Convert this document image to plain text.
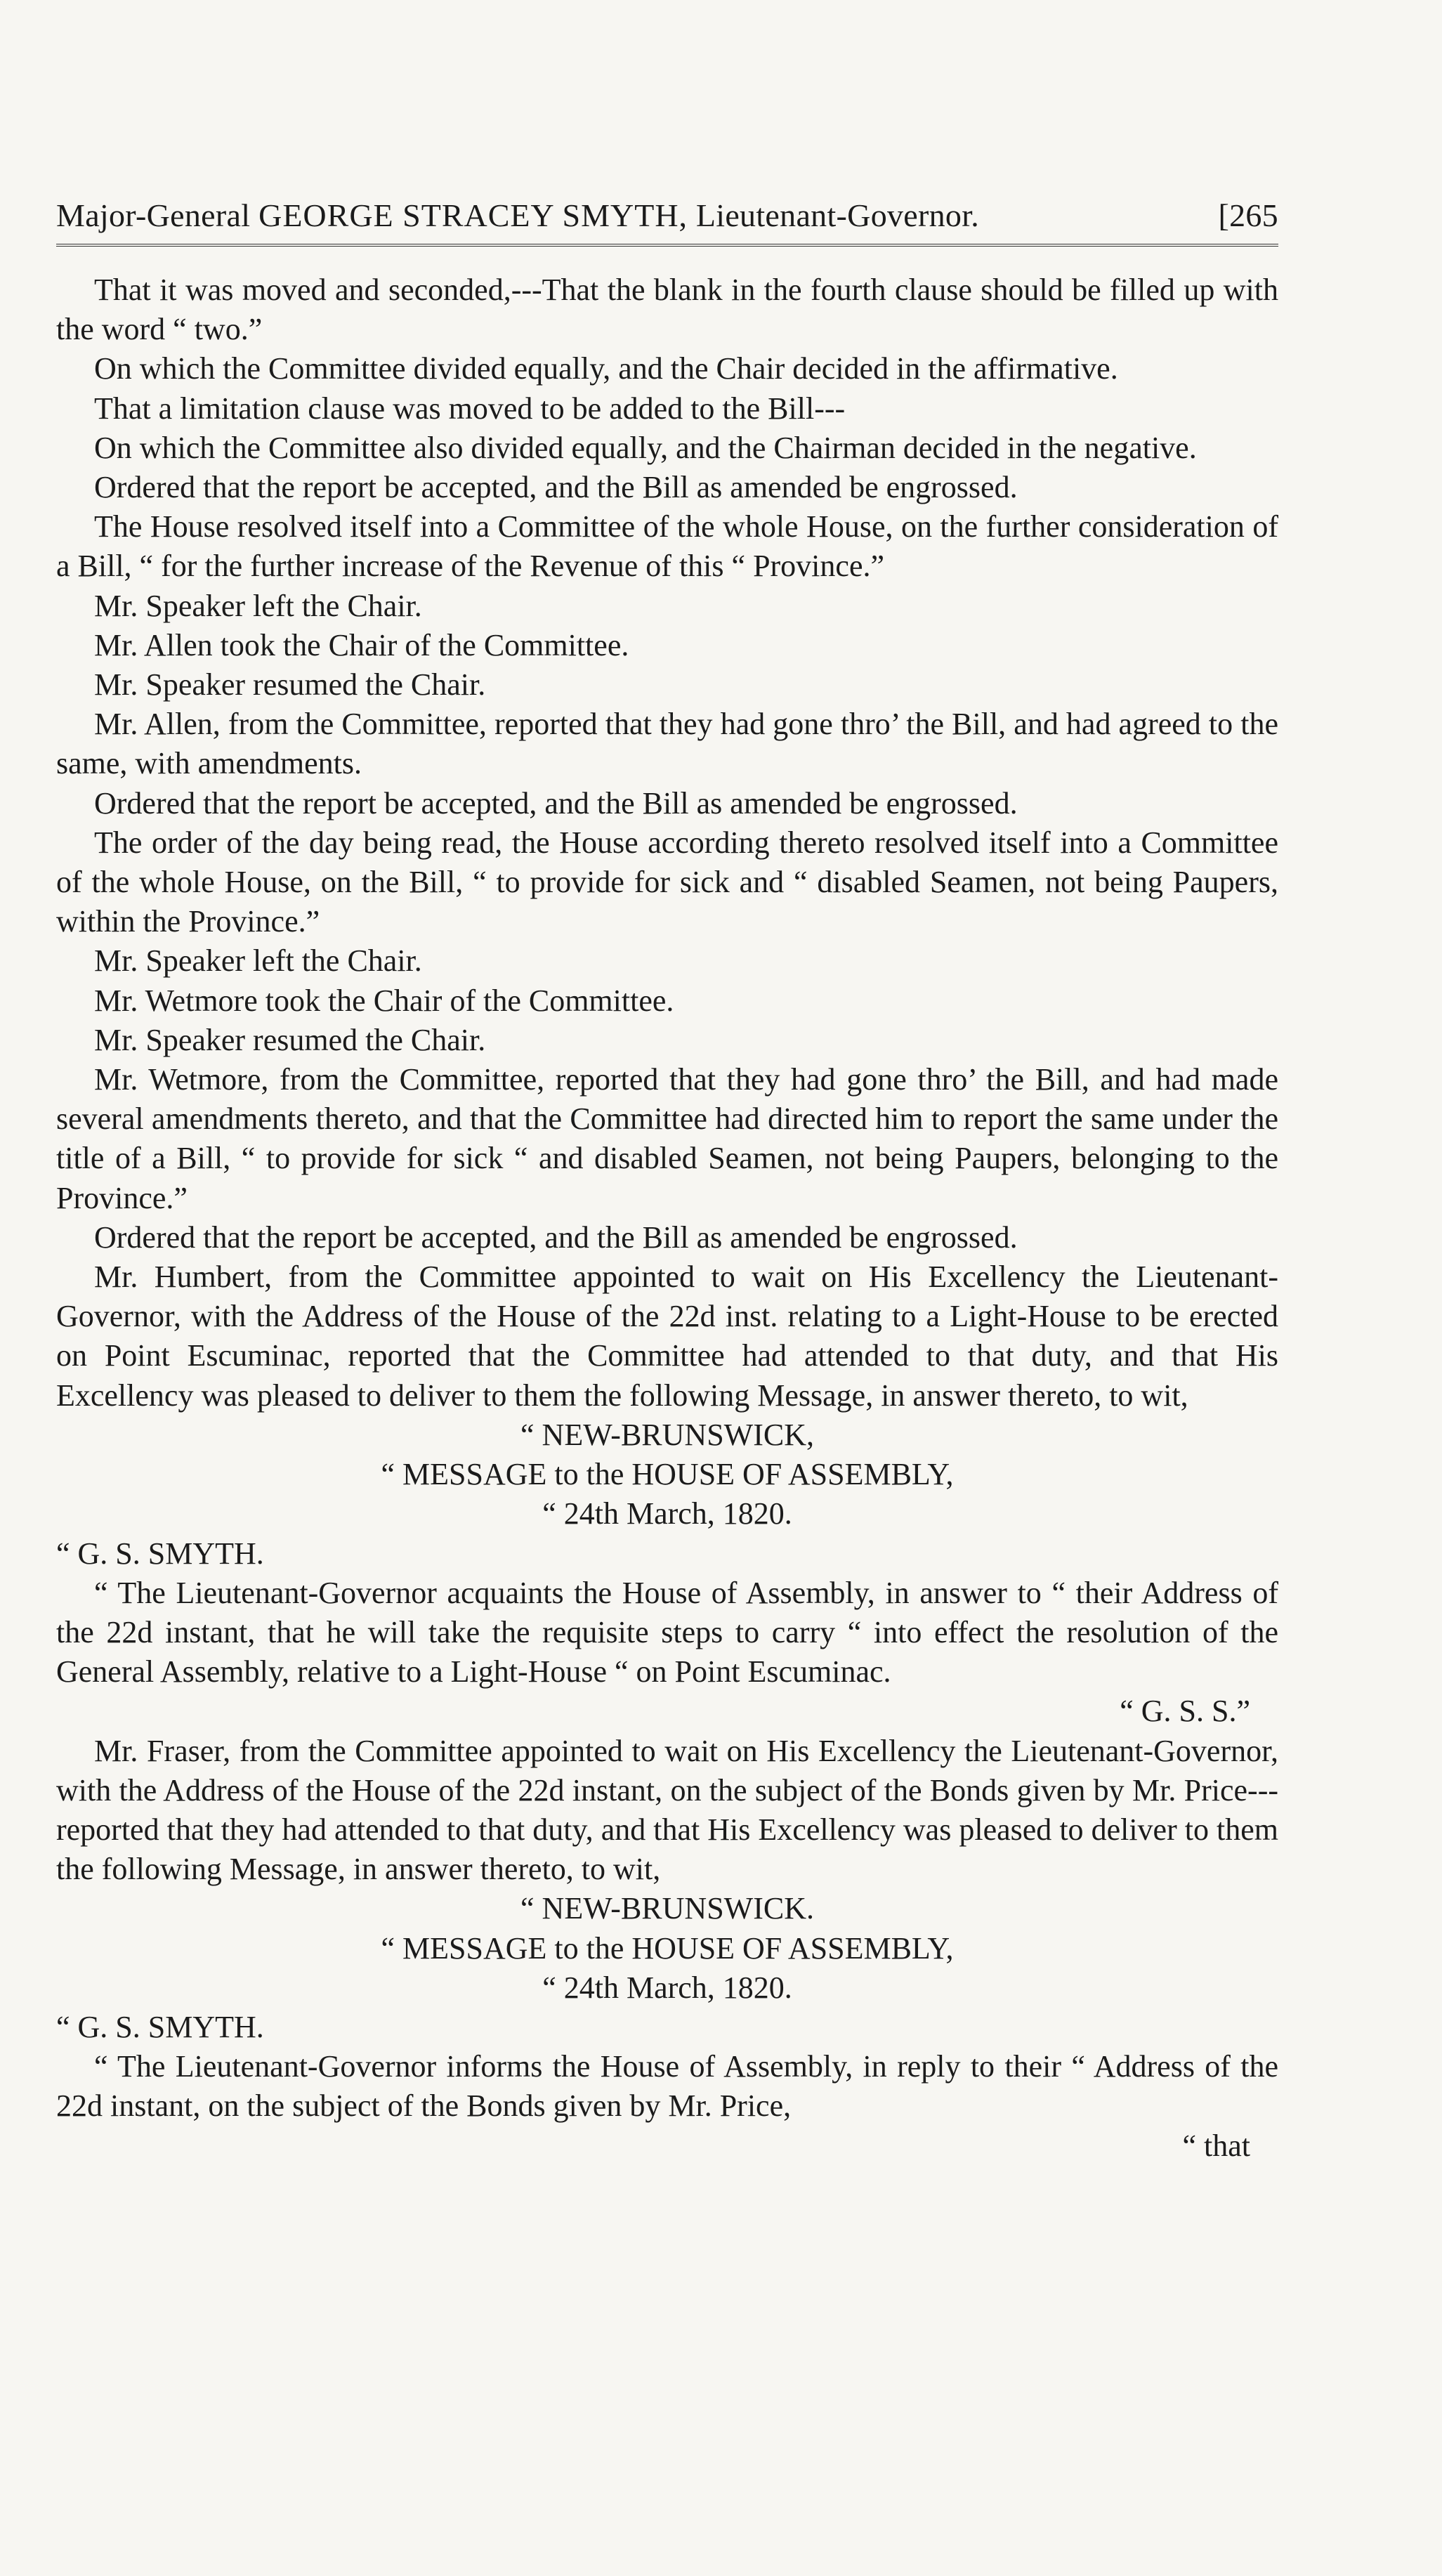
Major-General GEORGE STRACEY SMYTH, Lieutenant-Governor.	[265

That it was moved and seconded,---That the blank in the fourth clause should be filled up with the word “ two.”

On which the Committee divided equally, and the Chair decided in the affirmative.

That a limitation clause was moved to be added to the Bill---

On which the Committee also divided equally, and the Chairman decided in the negative.

Ordered that the report be accepted, and the Bill as amended be engrossed.

The House resolved itself into a Committee of the whole House, on the further consideration of a Bill, “ for the further increase of the Revenue of this “ Province.”

Mr. Speaker left the Chair.

Mr. Allen took the Chair of the Committee.

Mr. Speaker resumed the Chair.

Mr. Allen, from the Committee, reported that they had gone thro’ the Bill, and had agreed to the same, with amendments.

Ordered that the report be accepted, and the Bill as amended be engrossed.

The order of the day being read, the House according thereto resolved itself into a Committee of the whole House, on the Bill, “ to provide for sick and “ disabled Seamen, not being Paupers, within the Province.”

Mr. Speaker left the Chair.

Mr. Wetmore took the Chair of the Committee.

Mr. Speaker resumed the Chair.

Mr. Wetmore, from the Committee, reported that they had gone thro’ the Bill, and had made several amendments thereto, and that the Committee had directed him to report the same under the title of a Bill, “ to provide for sick “ and disabled Seamen, not being Paupers, belonging to the Province.”

Ordered that the report be accepted, and the Bill as amended be engrossed.

Mr. Humbert, from the Committee appointed to wait on His Excellency the Lieutenant-Governor, with the Address of the House of the 22d inst. relating to a Light-House to be erected on Point Escuminac, reported that the Committee had attended to that duty, and that His Excellency was pleased to deliver to them the following Message, in answer thereto, to wit,

“ NEW-BRUNSWICK,

“ MESSAGE to the HOUSE OF ASSEMBLY,

“ 24th March, 1820.

“ G. S. SMYTH.

“ The Lieutenant-Governor acquaints the House of Assembly, in answer to “ their Address of the 22d instant, that he will take the requisite steps to carry “ into effect the resolution of the General Assembly, relative to a Light-House “ on Point Escuminac.

“ G. S. S.”

Mr. Fraser, from the Committee appointed to wait on His Excellency the Lieutenant-Governor, with the Address of the House of the 22d instant, on the subject of the Bonds given by Mr. Price---reported that they had attended to that duty, and that His Excellency was pleased to deliver to them the following Message, in answer thereto, to wit,

“ NEW-BRUNSWICK.

“ MESSAGE to the HOUSE OF ASSEMBLY,

“ 24th March, 1820.

“ G. S. SMYTH.

“ The Lieutenant-Governor informs the House of Assembly, in reply to their “ Address of the 22d instant, on the subject of the Bonds given by Mr. Price,

“ that
